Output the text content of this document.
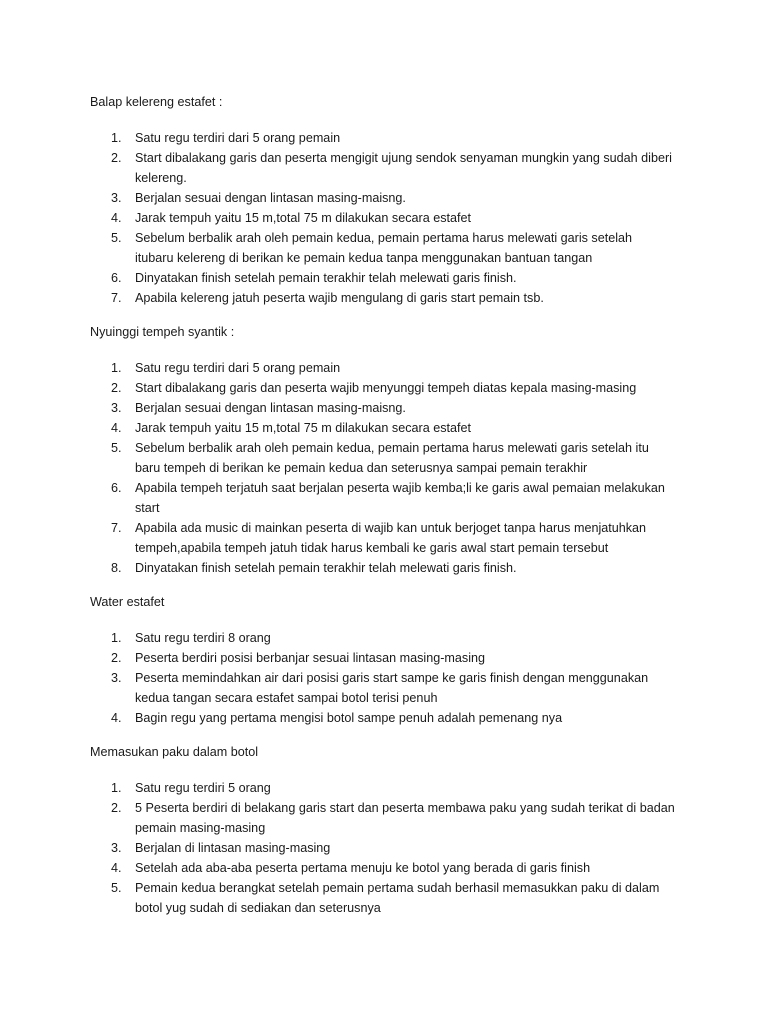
Balap kelereng estafet :

1.	Satu regu terdiri dari 5 orang pemain
2.	Start dibalakang garis dan peserta mengigit ujung sendok senyaman mungkin yang sudah diberi
kelereng.
3.	Berjalan sesuai dengan lintasan masing-maisng.
4.	Jarak tempuh yaitu 15 m,total 75 m dilakukan secara estafet
5.	Sebelum berbalik arah oleh pemain kedua, pemain pertama harus melewati garis setelah
itubaru kelereng di berikan ke pemain kedua tanpa menggunakan bantuan tangan
6.	Dinyatakan finish setelah pemain terakhir telah melewati garis finish.
7.	Apabila kelereng jatuh peserta wajib mengulang di garis start pemain tsb.

Nyuinggi tempeh syantik :

1.	Satu regu terdiri dari 5 orang pemain
2.	Start dibalakang garis dan peserta wajib menyunggi tempeh diatas kepala masing-masing
3.	Berjalan sesuai dengan lintasan masing-maisng.
4.	Jarak tempuh yaitu 15 m,total 75 m dilakukan secara estafet
5.	Sebelum berbalik arah oleh pemain kedua, pemain pertama harus melewati garis setelah itu
baru tempeh di berikan ke pemain kedua dan seterusnya sampai pemain terakhir
6.	Apabila tempeh terjatuh saat berjalan peserta wajib kemba;li ke garis awal pemaian melakukan
start
7.	Apabila ada music di mainkan peserta di wajib kan untuk berjoget tanpa harus menjatuhkan
tempeh,apabila tempeh jatuh tidak harus kembali ke garis awal start pemain tersebut
8.	Dinyatakan finish setelah pemain terakhir telah melewati garis finish.

Water estafet

1.	Satu regu terdiri 8 orang
2.	Peserta berdiri posisi berbanjar sesuai lintasan masing-masing
3.	Peserta memindahkan air dari posisi garis start sampe ke garis finish dengan menggunakan
kedua tangan secara estafet sampai botol terisi penuh
4.	Bagin regu yang pertama mengisi botol sampe penuh adalah pemenang nya

Memasukan paku dalam botol

1.	Satu regu terdiri 5 orang
2.	5 Peserta berdiri di belakang garis start dan peserta membawa paku yang sudah terikat di badan
pemain masing-masing
3.	Berjalan di lintasan masing-masing
4.	Setelah ada aba-aba peserta pertama menuju ke botol yang berada di garis finish
5.	Pemain kedua berangkat setelah pemain pertama sudah berhasil memasukkan paku di dalam
botol yug sudah di sediakan dan seterusnya
